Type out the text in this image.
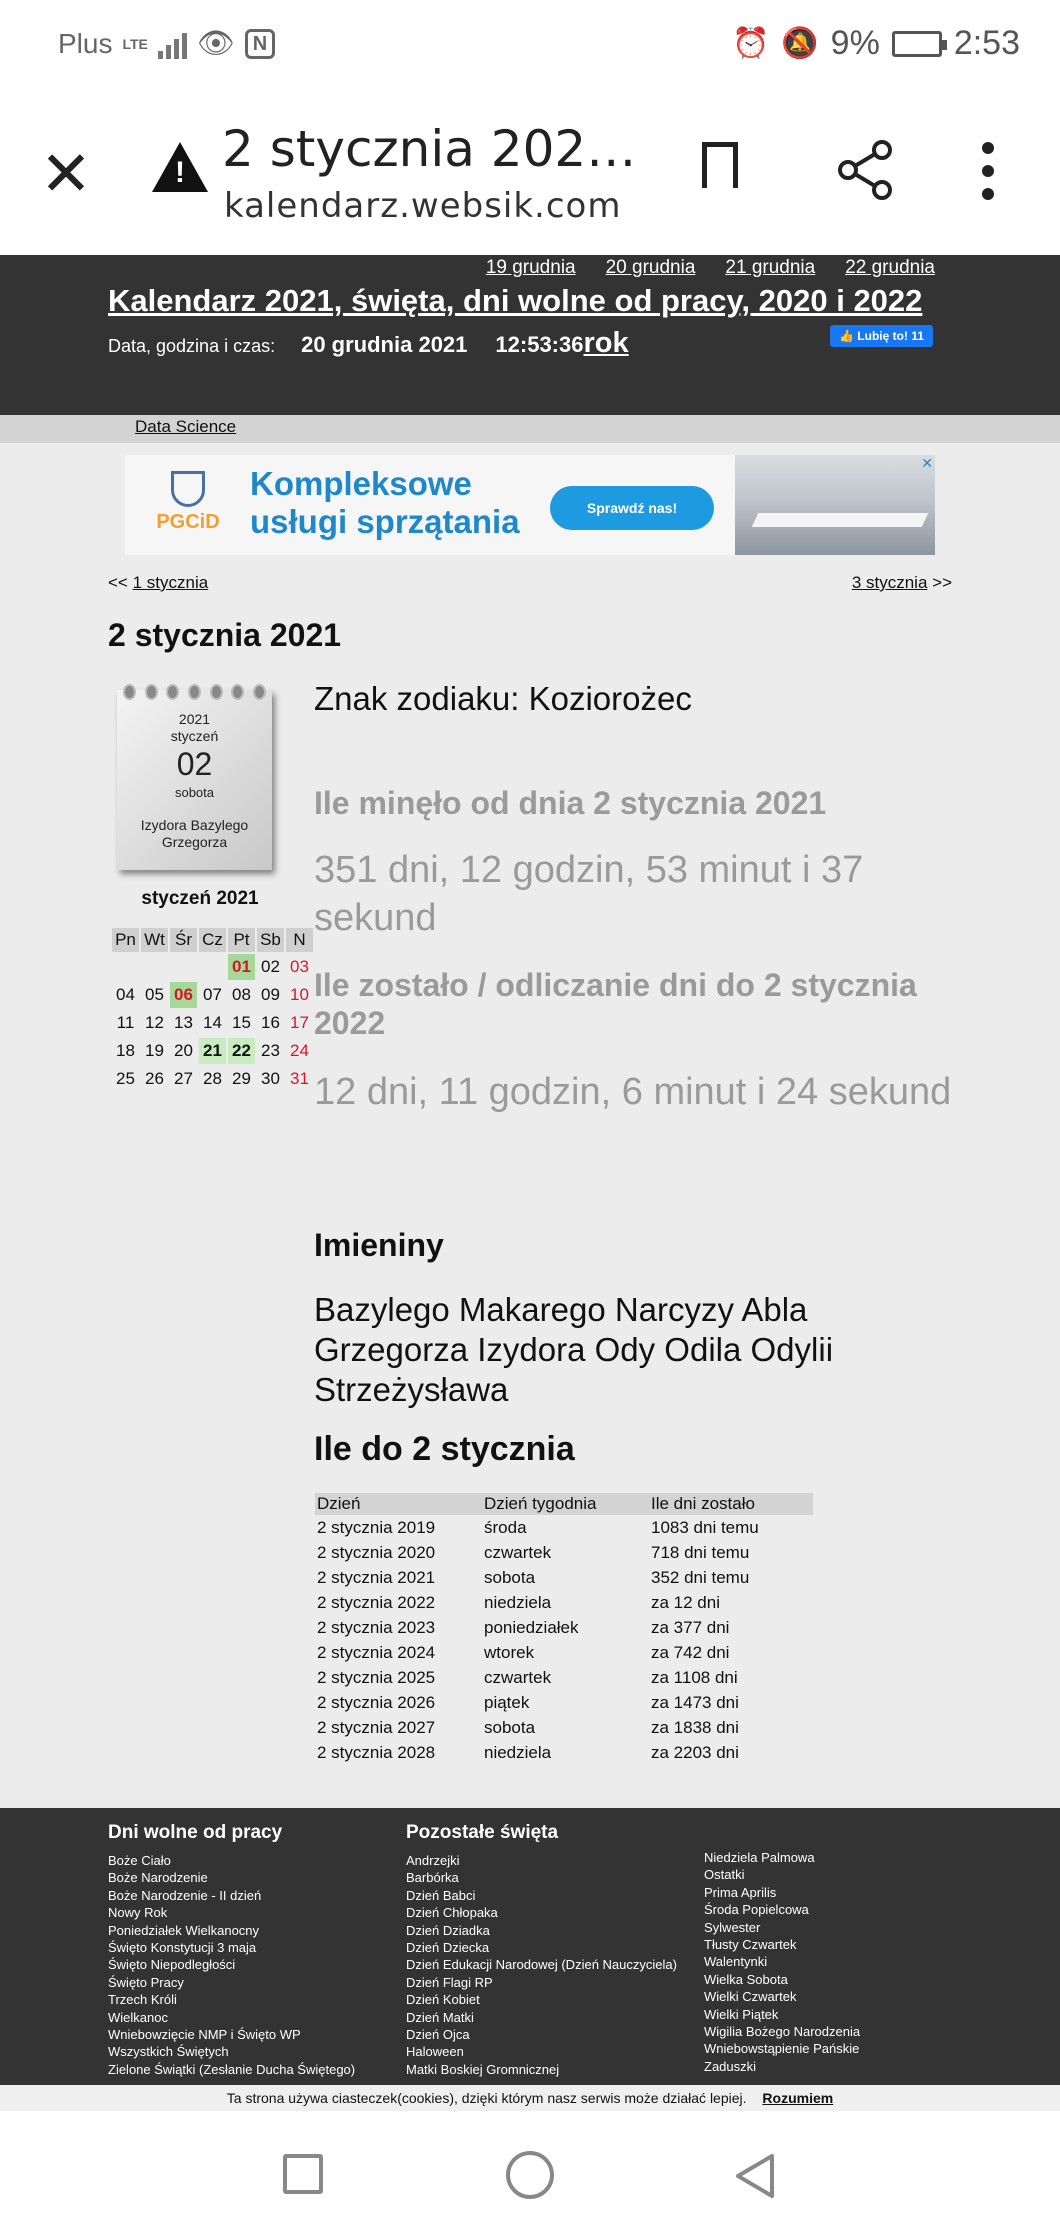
Plus LTE 👁 N	⏰ 🔕 9% 2:53
✕	! 2 stycznia 202…
kalendarz.websik.com
19 grudnia 20 grudnia 21 grudnia 22 grudnia
Kalendarz 2021, święta, dni wolne od pracy, 2020 i 2022
Data, godzina i czas: 20 grudnia 2021 12:53:36 rok	👍 Lubię to! 11
Data Science
PGCiD
Kompleksowe
usługi sprzątania	Sprawdź nas!
✕
<< 1 stycznia	3 stycznia >>
2 stycznia 2021
2021
styczeń
02
sobota
Izydora Bazylego Grzegorza
styczeń 2021
Pn	Wt	Śr	Cz	Pt	Sb	N
				01	02	03
04	05	06	07	08	09	10
11	12	13	14	15	16	17
18	19	20	21	22	23	24
25	26	27	28	29	30	31
Znak zodiaku: Koziorożec
Ile minęło od dnia 2 stycznia 2021
351 dni, 12 godzin, 53 minut i 37 sekund
Ile zostało / odliczanie dni do 2 stycznia 2022
12 dni, 11 godzin, 6 minut i 24 sekund
Imieniny
Bazylego Makarego Narcyzy Abla Grzegorza Izydora Ody Odila Odylii Strzeżysława
Ile do 2 stycznia
Dzień	Dzień tygodnia	Ile dni zostało
2 stycznia 2019	środa	1083 dni temu
2 stycznia 2020	czwartek	718 dni temu
2 stycznia 2021	sobota	352 dni temu
2 stycznia 2022	niedziela	za 12 dni
2 stycznia 2023	poniedziałek	za 377 dni
2 stycznia 2024	wtorek	za 742 dni
2 stycznia 2025	czwartek	za 1108 dni
2 stycznia 2026	piątek	za 1473 dni
2 stycznia 2027	sobota	za 1838 dni
2 stycznia 2028	niedziela	za 2203 dni
Dni wolne od pracy
Boże Ciało
Boże Narodzenie
Boże Narodzenie - II dzień
Nowy Rok
Poniedziałek Wielkanocny
Święto Konstytucji 3 maja
Święto Niepodległości
Święto Pracy
Trzech Króli
Wielkanoc
Wniebowzięcie NMP i Święto WP
Wszystkich Świętych
Zielone Świątki (Zesłanie Ducha Świętego)
Pozostałe święta
Andrzejki
Barbórka
Dzień Babci
Dzień Chłopaka
Dzień Dziadka
Dzień Dziecka
Dzień Edukacji Narodowej (Dzień Nauczyciela)
Dzień Flagi RP
Dzień Kobiet
Dzień Matki
Dzień Ojca
Haloween
Matki Boskiej Gromnicznej
Niedziela Palmowa
Ostatki
Prima Aprilis
Środa Popielcowa
Sylwester
Tłusty Czwartek
Walentynki
Wielka Sobota
Wielki Czwartek
Wielki Piątek
Wigilia Bożego Narodzenia
Wniebowstąpienie Pańskie
Zaduszki
Ta strona używa ciasteczek(cookies), dzięki którym nasz serwis może działać lepiej. Rozumiem
